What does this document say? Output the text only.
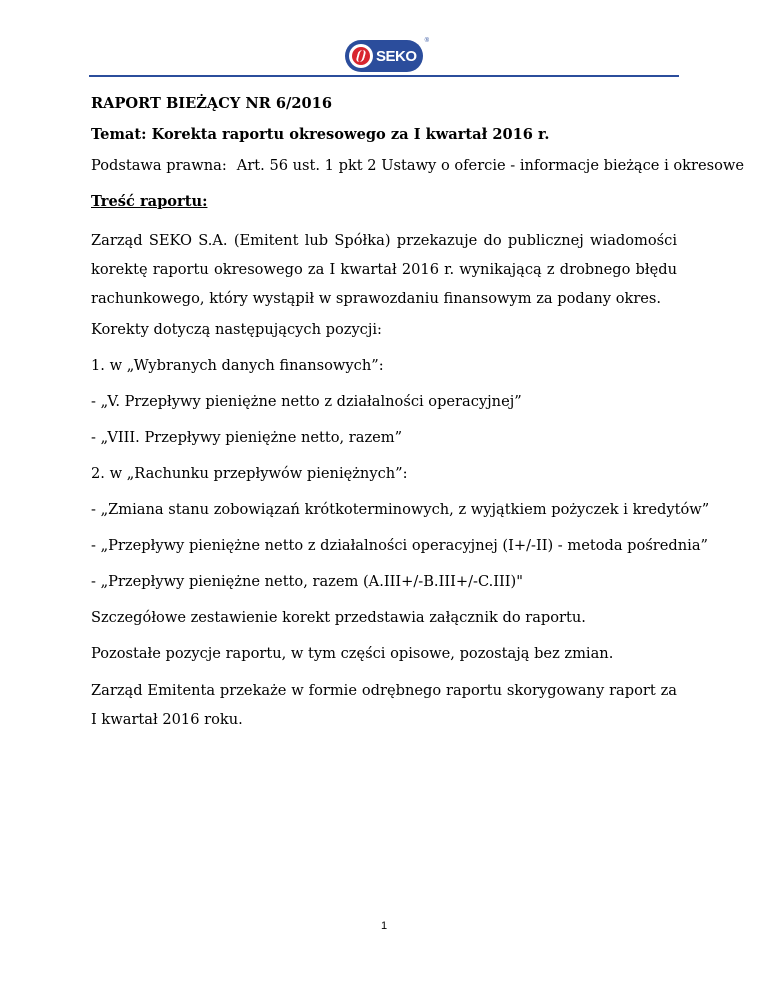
SEKO
®
RAPORT BIEŻĄCY NR 6/2016
Temat: Korekta raportu okresowego za I kwartał 2016 r.
Podstawa prawna: Art. 56 ust. 1 pkt 2 Ustawy o ofercie - informacje bieżące i okresowe
Treść raportu:
Zarząd SEKO S.A. (Emitent lub Spółka) przekazuje do publicznej wiadomości korektę raportu okresowego za I kwartał 2016 r. wynikającą z drobnego błędu rachunkowego, który wystąpił w sprawozdaniu finansowym za podany okres.
Korekty dotyczą następujących pozycji:
1. w „Wybranych danych finansowych”:
- „V. Przepływy pieniężne netto z działalności operacyjnej”
- „VIII. Przepływy pieniężne netto, razem”
2. w „Rachunku przepływów pieniężnych”:
- „Zmiana stanu zobowiązań krótkoterminowych, z wyjątkiem pożyczek i kredytów”
- „Przepływy pieniężne netto z działalności operacyjnej (I+/-II) - metoda pośrednia”
- „Przepływy pieniężne netto, razem (A.III+/-B.III+/-C.III)"
Szczegółowe zestawienie korekt przedstawia załącznik do raportu.
Pozostałe pozycje raportu, w tym części opisowe, pozostają bez zmian.
Zarząd Emitenta przekaże w formie odrębnego raportu skorygowany raport za I kwartał 2016 roku.
1
